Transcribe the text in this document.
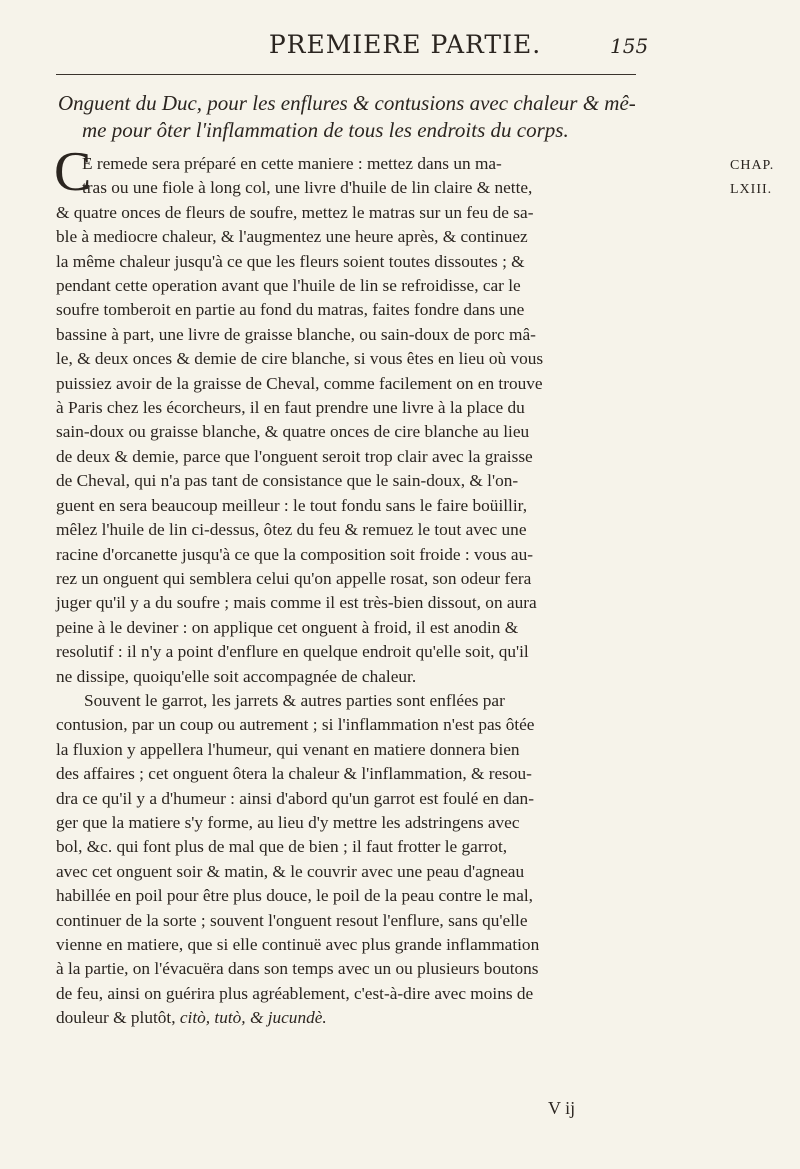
PREMIERE PARTIE.	155
Onguent du Duc, pour les enflures & contusions avec chaleur & mê-
me pour ôter l'inflammation de tous les endroits du corps.
C	CHAP.
LXIII.
E remede sera préparé en cette maniere : mettez dans un ma-
tras ou une fiole à long col, une livre d'huile de lin claire & nette,
& quatre onces de fleurs de soufre, mettez le matras sur un feu de sa-
ble à mediocre chaleur, & l'augmentez une heure après, & continuez
la même chaleur jusqu'à ce que les fleurs soient toutes dissoutes ; &
pendant cette operation avant que l'huile de lin se refroidisse, car le
soufre tomberoit en partie au fond du matras, faites fondre dans une
bassine à part, une livre de graisse blanche, ou sain-doux de porc mâ-
le, & deux onces & demie de cire blanche, si vous êtes en lieu où vous
puissiez avoir de la graisse de Cheval, comme facilement on en trouve
à Paris chez les écorcheurs, il en faut prendre une livre à la place du
sain-doux ou graisse blanche, & quatre onces de cire blanche au lieu
de deux & demie, parce que l'onguent seroit trop clair avec la graisse
de Cheval, qui n'a pas tant de consistance que le sain-doux, & l'on-
guent en sera beaucoup meilleur : le tout fondu sans le faire boüillir,
mêlez l'huile de lin ci-dessus, ôtez du feu & remuez le tout avec une
racine d'orcanette jusqu'à ce que la composition soit froide : vous au-
rez un onguent qui semblera celui qu'on appelle rosat, son odeur fera
juger qu'il y a du soufre ; mais comme il est très-bien dissout, on aura
peine à le deviner : on applique cet onguent à froid, il est anodin &
resolutif : il n'y a point d'enflure en quelque endroit qu'elle soit, qu'il
ne dissipe, quoiqu'elle soit accompagnée de chaleur.
Souvent le garrot, les jarrets & autres parties sont enflées par
contusion, par un coup ou autrement ; si l'inflammation n'est pas ôtée
la fluxion y appellera l'humeur, qui venant en matiere donnera bien
des affaires ; cet onguent ôtera la chaleur & l'inflammation, & resou-
dra ce qu'il y a d'humeur : ainsi d'abord qu'un garrot est foulé en dan-
ger que la matiere s'y forme, au lieu d'y mettre les adstringens avec
bol, &c. qui font plus de mal que de bien ; il faut frotter le garrot,
avec cet onguent soir & matin, & le couvrir avec une peau d'agneau
habillée en poil pour être plus douce, le poil de la peau contre le mal,
continuer de la sorte ; souvent l'onguent resout l'enflure, sans qu'elle
vienne en matiere, que si elle continuë avec plus grande inflammation
à la partie, on l'évacuëra dans son temps avec un ou plusieurs boutons
de feu, ainsi on guérira plus agréablement, c'est-à-dire avec moins de
douleur & plutôt, citò, tutò, & jucundè.
V ij
